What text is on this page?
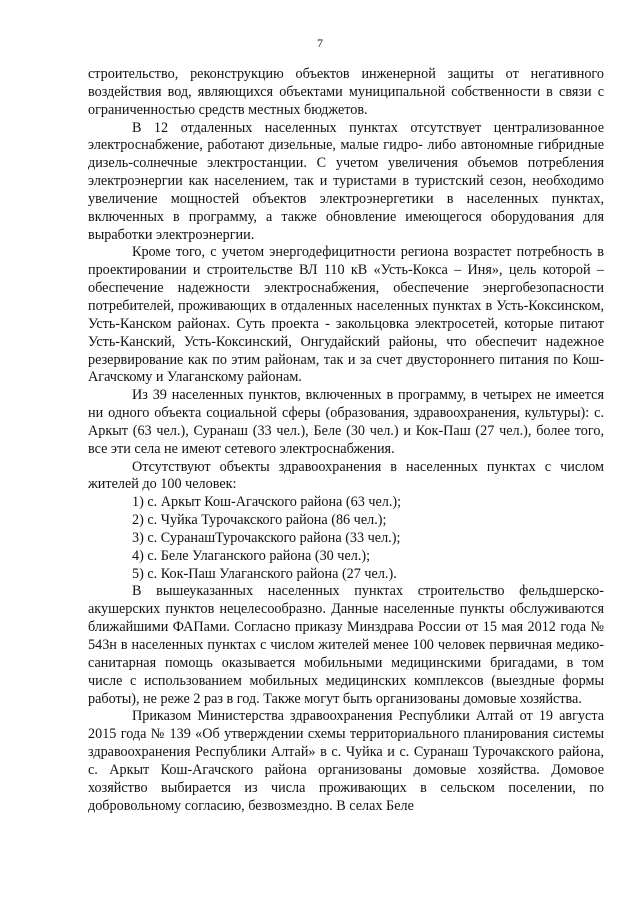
7

строительство, реконструкцию объектов инженерной защиты от негативного воздействия вод, являющихся объектами муниципальной собственности в связи с ограниченностью средств местных бюджетов.

В 12 отдаленных населенных пунктах отсутствует централизованное электроснабжение, работают дизельные, малые гидро- либо автономные гибридные дизель-солнечные электростанции. С учетом увеличения объемов потребления электроэнергии как населением, так и туристами в туристский сезон, необходимо увеличение мощностей объектов электроэнергетики в населенных пунктах, включенных в программу, а также обновление имеющегося оборудования для выработки электроэнергии.

Кроме того, с учетом энергодефицитности региона возрастет потребность в проектировании и строительстве ВЛ 110 кВ «Усть-Кокса – Иня», цель которой – обеспечение надежности электроснабжения, обеспечение энергобезопасности потребителей, проживающих в отдаленных населенных пунктах в Усть-Коксинском, Усть-Канском районах. Суть проекта - закольцовка электросетей, которые питают Усть-Канский, Усть-Коксинский, Онгудайский районы, что обеспечит надежное резервирование как по этим районам, так и за счет двустороннего питания по Кош-Агачскому и Улаганскому районам.

Из 39 населенных пунктов, включенных в программу, в четырех не имеется ни одного объекта социальной сферы (образования, здравоохранения, культуры): с. Аркыт (63 чел.), Суранаш (33 чел.), Беле (30 чел.) и Кок-Паш (27 чел.), более того, все эти села не имеют сетевого электроснабжения.

Отсутствуют объекты здравоохранения в населенных пунктах с числом жителей до 100 человек:

1 ) с. Аркыт Кош-Агачского района (63 чел.);
2 ) с. Чуйка Турочакского района (86 чел.);
3 ) с. СуранашТурочакского района (33 чел.);
4 ) с. Беле Улаганского района (30 чел.);
5 ) с. Кок-Паш Улаганского района (27 чел.).

В вышеуказанных населенных пунктах строительство фельдшерско-акушерских пунктов нецелесообразно. Данные населенные пункты обслуживаются ближайшими ФАПами. Согласно приказу Минздрава России от 15 мая 2012 года № 543н в населенных пунктах с числом жителей менее 100 человек первичная медико-санитарная помощь оказывается мобильными медицинскими бригадами, в том числе с использованием мобильных медицинских комплексов (выездные формы работы), не реже 2 раз в год. Также могут быть организованы домовые хозяйства.

Приказом Министерства здравоохранения Республики Алтай от 19 августа 2015 года № 139 «Об утверждении схемы территориального планирования системы здравоохранения Республики Алтай» в с. Чуйка и с. Суранаш Турочакского района, с. Аркыт Кош-Агачского района организованы домовые хозяйства. Домовое хозяйство выбирается из числа проживающих в сельском поселении, по добровольному согласию, безвозмездно. В селах Беле
